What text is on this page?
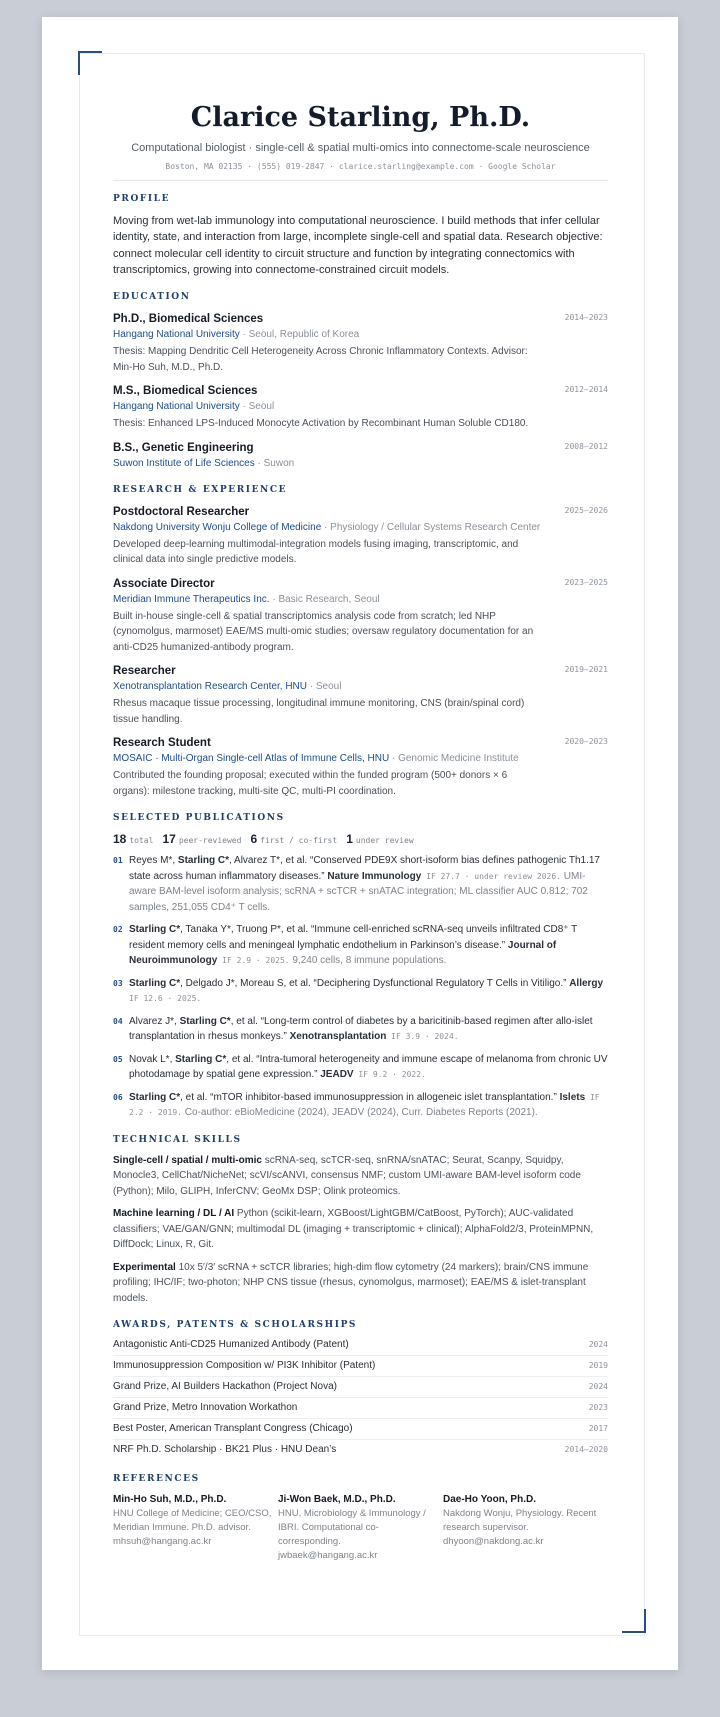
Clarice Starling, Ph.D.
Computational biologist · single-cell & spatial multi-omics into connectome-scale neuroscience
Boston, MA 02135 · (555) 019-2847 · clarice.starling@example.com · Google Scholar
PROFILE
Moving from wet-lab immunology into computational neuroscience. I build methods that infer cellular identity, state, and interaction from large, incomplete single-cell and spatial data. Research objective: connect molecular cell identity to circuit structure and function by integrating connectomics with transcriptomics, growing into connectome-constrained circuit models.
EDUCATION
Ph.D., Biomedical Sciences	2014–2023
Hangang National University · Seoul, Republic of Korea
Thesis: Mapping Dendritic Cell Heterogeneity Across Chronic Inflammatory Contexts. Advisor: Min-Ho Suh, M.D., Ph.D.
M.S., Biomedical Sciences	2012–2014
Hangang National University · Seoul
Thesis: Enhanced LPS-Induced Monocyte Activation by Recombinant Human Soluble CD180.
B.S., Genetic Engineering	2008–2012
Suwon Institute of Life Sciences · Suwon
RESEARCH & EXPERIENCE
Postdoctoral Researcher	2025–2026
Nakdong University Wonju College of Medicine · Physiology / Cellular Systems Research Center
Developed deep-learning multimodal-integration models fusing imaging, transcriptomic, and clinical data into single predictive models.
Associate Director	2023–2025
Meridian Immune Therapeutics Inc. · Basic Research, Seoul
Built in-house single-cell & spatial transcriptomics analysis code from scratch; led NHP (cynomolgus, marmoset) EAE/MS multi-omic studies; oversaw regulatory documentation for an anti-CD25 humanized-antibody program.
Researcher	2019–2021
Xenotransplantation Research Center, HNU · Seoul
Rhesus macaque tissue processing, longitudinal immune monitoring, CNS (brain/spinal cord) tissue handling.
Research Student	2020–2023
MOSAIC · Multi-Organ Single-cell Atlas of Immune Cells, HNU · Genomic Medicine Institute
Contributed the founding proposal; executed within the funded program (500+ donors × 6 organs): milestone tracking, multi-site QC, multi-PI coordination.
SELECTED PUBLICATIONS
18 total 17 peer-reviewed 6 first / co-first 1 under review
01 Reyes M*, Starling C*, Alvarez T*, et al. “Conserved PDE9X short-isoform bias defines pathogenic Th1.17 state across human inflammatory diseases.” Nature Immunology IF 27.7 · under review 2026. UMI-aware BAM-level isoform analysis; scRNA + scTCR + snATAC integration; ML classifier AUC 0.812; 702 samples, 251,055 CD4⁺ T cells.
02 Starling C*, Tanaka Y*, Truong P*, et al. “Immune cell-enriched scRNA-seq unveils infiltrated CD8⁺ T resident memory cells and meningeal lymphatic endothelium in Parkinson’s disease.” Journal of Neuroimmunology IF 2.9 · 2025. 9,240 cells, 8 immune populations.
03 Starling C*, Delgado J*, Moreau S, et al. “Deciphering Dysfunctional Regulatory T Cells in Vitiligo.” Allergy IF 12.6 · 2025.
04 Alvarez J*, Starling C*, et al. “Long-term control of diabetes by a baricitinib-based regimen after allo-islet transplantation in rhesus monkeys.” Xenotransplantation IF 3.9 · 2024.
05 Novak L*, Starling C*, et al. “Intra-tumoral heterogeneity and immune escape of melanoma from chronic UV photodamage by spatial gene expression.” JEADV IF 9.2 · 2022.
06 Starling C*, et al. “mTOR inhibitor-based immunosuppression in allogeneic islet transplantation.” Islets IF 2.2 · 2019. Co-author: eBioMedicine (2024), JEADV (2024), Curr. Diabetes Reports (2021).
TECHNICAL SKILLS
Single-cell / spatial / multi-omic scRNA-seq, scTCR-seq, snRNA/snATAC; Seurat, Scanpy, Squidpy, Monocle3, CellChat/NicheNet; scVI/scANVI, consensus NMF; custom UMI-aware BAM-level isoform code (Python); Milo, GLIPH, InferCNV; GeoMx DSP; Olink proteomics.
Machine learning / DL / AI Python (scikit-learn, XGBoost/LightGBM/CatBoost, PyTorch); AUC-validated classifiers; VAE/GAN/GNN; multimodal DL (imaging + transcriptomic + clinical); AlphaFold2/3, ProteinMPNN, DiffDock; Linux, R, Git.
Experimental 10x 5′/3′ scRNA + scTCR libraries; high-dim flow cytometry (24 markers); brain/CNS immune profiling; IHC/IF; two-photon; NHP CNS tissue (rhesus, cynomolgus, marmoset); EAE/MS & islet-transplant models.
AWARDS, PATENTS & SCHOLARSHIPS
Antagonistic Anti-CD25 Humanized Antibody (Patent)	2024
Immunosuppression Composition w/ PI3K Inhibitor (Patent)	2019
Grand Prize, AI Builders Hackathon (Project Nova)	2024
Grand Prize, Metro Innovation Workathon	2023
Best Poster, American Transplant Congress (Chicago)	2017
NRF Ph.D. Scholarship · BK21 Plus · HNU Dean’s	2014–2020
REFERENCES
Min-Ho Suh, M.D., Ph.D.
HNU College of Medicine; CEO/CSO, Meridian Immune. Ph.D. advisor.
mhsuh@hangang.ac.kr
Ji-Won Baek, M.D., Ph.D.
HNU, Microbiology & Immunology / IBRI. Computational co-corresponding.
jwbaek@hangang.ac.kr
Dae-Ho Yoon, Ph.D.
Nakdong Wonju, Physiology. Recent research supervisor.
dhyoon@nakdong.ac.kr
